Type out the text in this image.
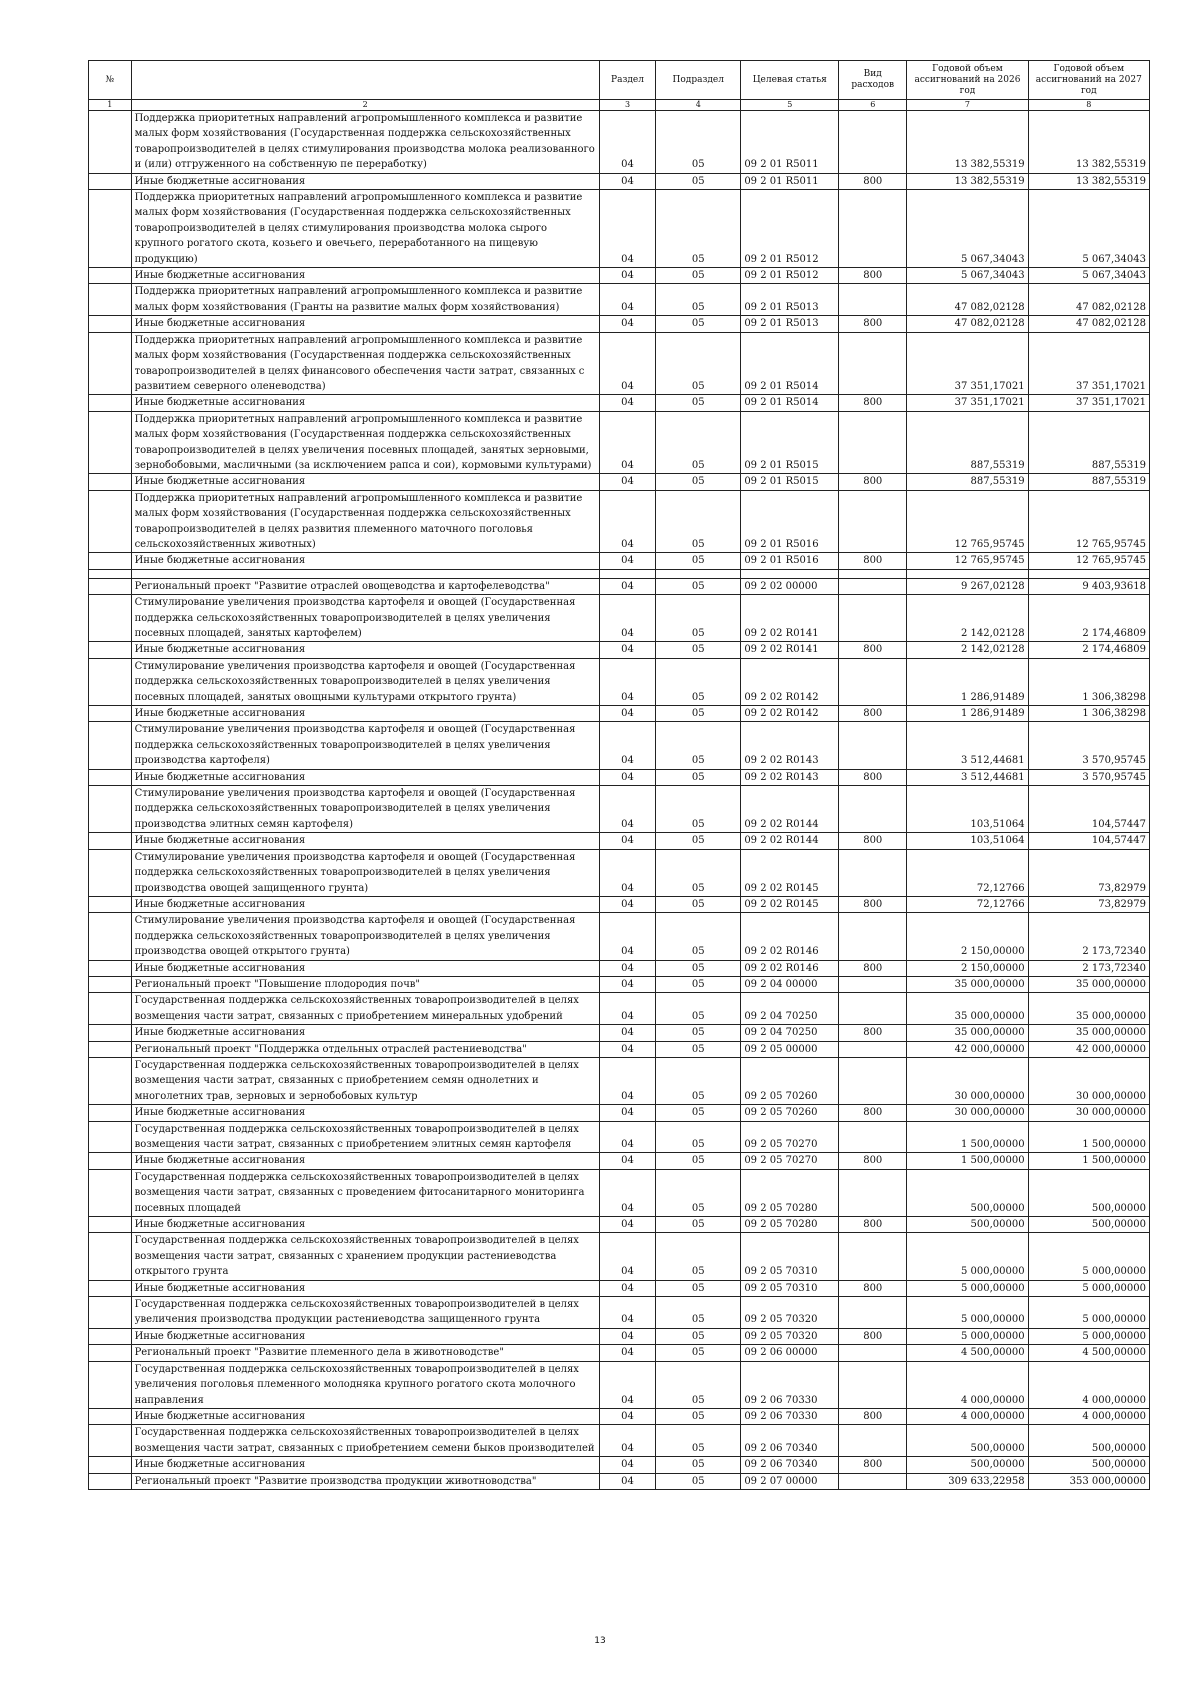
№		Раздел	Подраздел	Целевая статья	Вид расходов	Годовой объем ассигнований на 2026 год	Годовой объем ассигнований на 2027 год
1	2	3	4	5	6	7	8
	Поддержка приоритетных направлений агропромышленного комплекса и развитие малых форм хозяйствования (Государственная поддержка сельскохозяйственных товаропроизводителей в целях стимулирования производства молока реализованного и (или) отгруженного на собственную пе переработку)	04	05	09 2 01 R5011		13 382,55319	13 382,55319
	Иные бюджетные ассигнования	04	05	09 2 01 R5011	800	13 382,55319	13 382,55319
	Поддержка приоритетных направлений агропромышленного комплекса и развитие малых форм хозяйствования (Государственная поддержка сельскохозяйственных товаропроизводителей в целях стимулирования производства молока сырого крупного рогатого скота, козьего и овечьего, переработанного на пищевую продукцию)	04	05	09 2 01 R5012		5 067,34043	5 067,34043
	Иные бюджетные ассигнования	04	05	09 2 01 R5012	800	5 067,34043	5 067,34043
	Поддержка приоритетных направлений агропромышленного комплекса и развитие малых форм хозяйствования (Гранты на развитие малых форм хозяйствования)	04	05	09 2 01 R5013		47 082,02128	47 082,02128
	Иные бюджетные ассигнования	04	05	09 2 01 R5013	800	47 082,02128	47 082,02128
	Поддержка приоритетных направлений агропромышленного комплекса и развитие малых форм хозяйствования (Государственная поддержка сельскохозяйственных товаропроизводителей в целях финансового обеспечения части затрат, связанных с развитием северного оленеводства)	04	05	09 2 01 R5014		37 351,17021	37 351,17021
	Иные бюджетные ассигнования	04	05	09 2 01 R5014	800	37 351,17021	37 351,17021
	Поддержка приоритетных направлений агропромышленного комплекса и развитие малых форм хозяйствования (Государственная поддержка сельскохозяйственных товаропроизводителей в целях увеличения посевных площадей, занятых зерновыми, зернобобовыми, масличными (за исключением рапса и сои), кормовыми культурами)	04	05	09 2 01 R5015		887,55319	887,55319
	Иные бюджетные ассигнования	04	05	09 2 01 R5015	800	887,55319	887,55319
	Поддержка приоритетных направлений агропромышленного комплекса и развитие малых форм хозяйствования (Государственная поддержка сельскохозяйственных товаропроизводителей в целях развития племенного маточного поголовья сельскохозяйственных животных)	04	05	09 2 01 R5016		12 765,95745	12 765,95745
	Иные бюджетные ассигнования	04	05	09 2 01 R5016	800	12 765,95745	12 765,95745

	Региональный проект "Развитие отраслей овощеводства и картофелеводства"	04	05	09 2 02 00000		9 267,02128	9 403,93618
	Стимулирование увеличения производства картофеля и овощей (Государственная поддержка сельскохозяйственных товаропроизводителей в целях увеличения посевных площадей, занятых картофелем)	04	05	09 2 02 R0141		2 142,02128	2 174,46809
	Иные бюджетные ассигнования	04	05	09 2 02 R0141	800	2 142,02128	2 174,46809
	Стимулирование увеличения производства картофеля и овощей (Государственная поддержка сельскохозяйственных товаропроизводителей в целях увеличения посевных площадей, занятых овощными культурами открытого грунта)	04	05	09 2 02 R0142		1 286,91489	1 306,38298
	Иные бюджетные ассигнования	04	05	09 2 02 R0142	800	1 286,91489	1 306,38298
	Стимулирование увеличения производства картофеля и овощей (Государственная поддержка сельскохозяйственных товаропроизводителей в целях увеличения производства картофеля)	04	05	09 2 02 R0143		3 512,44681	3 570,95745
	Иные бюджетные ассигнования	04	05	09 2 02 R0143	800	3 512,44681	3 570,95745
	Стимулирование увеличения производства картофеля и овощей (Государственная поддержка сельскохозяйственных товаропроизводителей в целях увеличения производства элитных семян картофеля)	04	05	09 2 02 R0144		103,51064	104,57447
	Иные бюджетные ассигнования	04	05	09 2 02 R0144	800	103,51064	104,57447
	Стимулирование увеличения производства картофеля и овощей (Государственная поддержка сельскохозяйственных товаропроизводителей в целях увеличения производства овощей защищенного грунта)	04	05	09 2 02 R0145		72,12766	73,82979
	Иные бюджетные ассигнования	04	05	09 2 02 R0145	800	72,12766	73,82979
	Стимулирование увеличения производства картофеля и овощей (Государственная поддержка сельскохозяйственных товаропроизводителей в целях увеличения производства овощей открытого грунта)	04	05	09 2 02 R0146		2 150,00000	2 173,72340
	Иные бюджетные ассигнования	04	05	09 2 02 R0146	800	2 150,00000	2 173,72340
	Региональный проект "Повышение плодородия почв"	04	05	09 2 04 00000		35 000,00000	35 000,00000
	Государственная поддержка сельскохозяйственных товаропроизводителей в целях возмещения части затрат, связанных с приобретением минеральных удобрений	04	05	09 2 04 70250		35 000,00000	35 000,00000
	Иные бюджетные ассигнования	04	05	09 2 04 70250	800	35 000,00000	35 000,00000
	Региональный проект "Поддержка отдельных отраслей растениеводства"	04	05	09 2 05 00000		42 000,00000	42 000,00000
	Государственная поддержка сельскохозяйственных товаропроизводителей в целях возмещения части затрат, связанных с приобретением семян однолетних и многолетних трав, зерновых и зернобобовых культур	04	05	09 2 05 70260		30 000,00000	30 000,00000
	Иные бюджетные ассигнования	04	05	09 2 05 70260	800	30 000,00000	30 000,00000
	Государственная поддержка сельскохозяйственных товаропроизводителей в целях возмещения части затрат, связанных с приобретением элитных семян картофеля	04	05	09 2 05 70270		1 500,00000	1 500,00000
	Иные бюджетные ассигнования	04	05	09 2 05 70270	800	1 500,00000	1 500,00000
	Государственная поддержка сельскохозяйственных товаропроизводителей в целях возмещения части затрат, связанных с проведением фитосанитарного мониторинга посевных площадей	04	05	09 2 05 70280		500,00000	500,00000
	Иные бюджетные ассигнования	04	05	09 2 05 70280	800	500,00000	500,00000
	Государственная поддержка сельскохозяйственных товаропроизводителей в целях возмещения части затрат, связанных с хранением продукции растениеводства открытого грунта	04	05	09 2 05 70310		5 000,00000	5 000,00000
	Иные бюджетные ассигнования	04	05	09 2 05 70310	800	5 000,00000	5 000,00000
	Государственная поддержка сельскохозяйственных товаропроизводителей в целях увеличения производства продукции растениеводства защищенного грунта	04	05	09 2 05 70320		5 000,00000	5 000,00000
	Иные бюджетные ассигнования	04	05	09 2 05 70320	800	5 000,00000	5 000,00000
	Региональный проект "Развитие племенного дела в животноводстве"	04	05	09 2 06 00000		4 500,00000	4 500,00000
	Государственная поддержка сельскохозяйственных товаропроизводителей в целях увеличения поголовья племенного молодняка крупного рогатого скота молочного направления	04	05	09 2 06 70330		4 000,00000	4 000,00000
	Иные бюджетные ассигнования	04	05	09 2 06 70330	800	4 000,00000	4 000,00000
	Государственная поддержка сельскохозяйственных товаропроизводителей в целях возмещения части затрат, связанных с приобретением семени быков производителей	04	05	09 2 06 70340		500,00000	500,00000
	Иные бюджетные ассигнования	04	05	09 2 06 70340	800	500,00000	500,00000
	Региональный проект "Развитие производства продукции животноводства"	04	05	09 2 07 00000		309 633,22958	353 000,00000
13
